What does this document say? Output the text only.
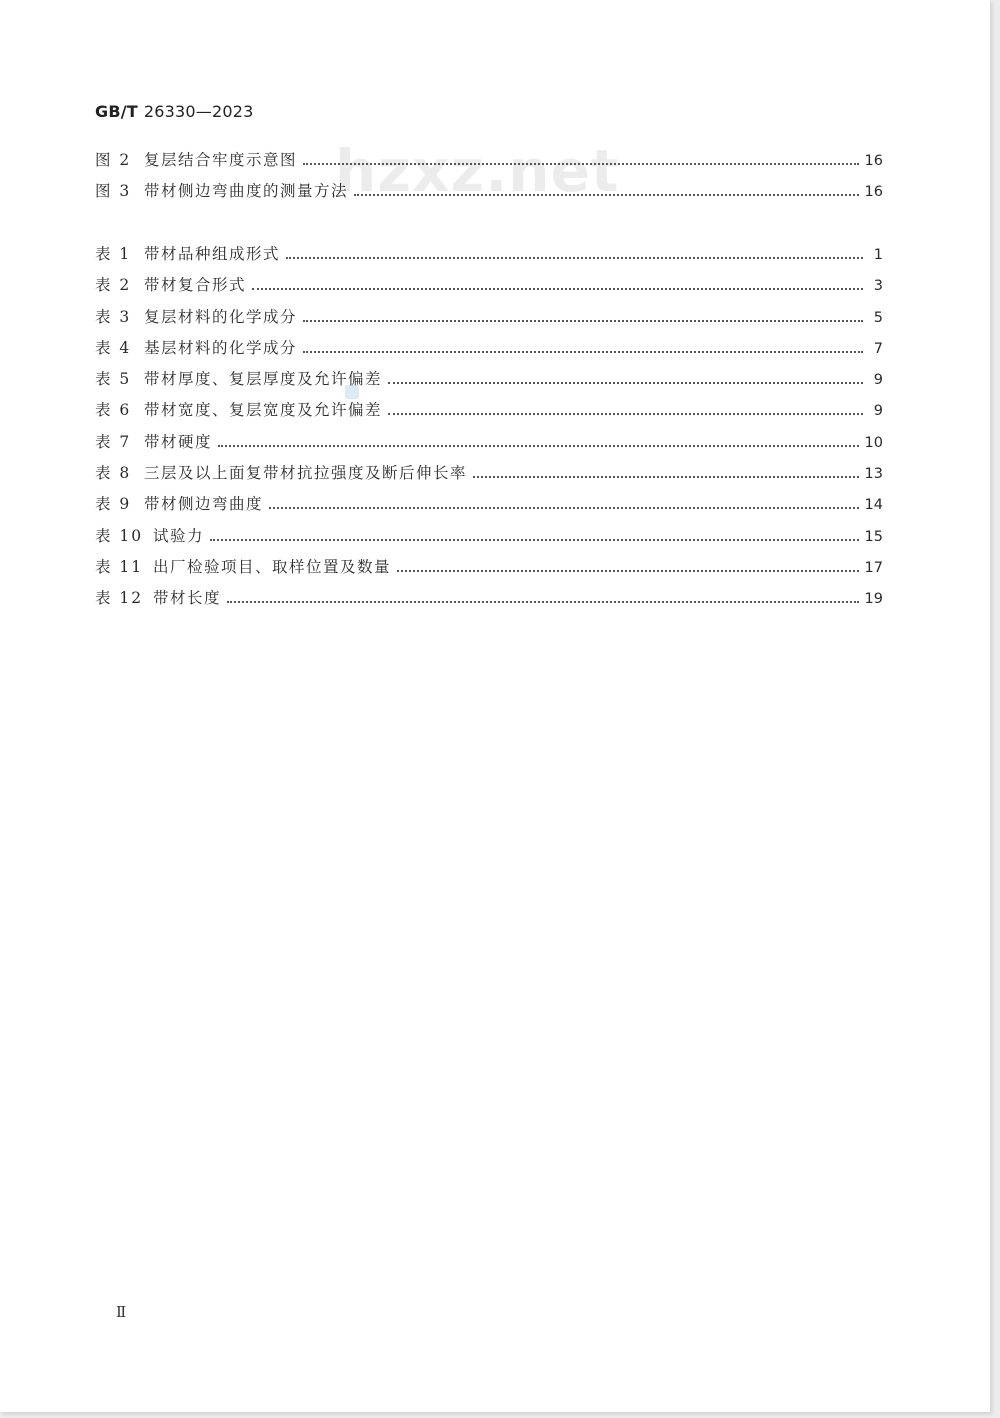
GB/T 26330—2023
hzxz.net
图 2 复层结合牢度示意图	16
图 3 带材侧边弯曲度的测量方法	16
表 1 带材品种组成形式	1
表 2 带材复合形式	3
表 3 复层材料的化学成分	5
表 4 基层材料的化学成分	7
表 5 带材厚度、复层厚度及允许偏差	9
表 6 带材宽度、复层宽度及允许偏差	9
表 7 带材硬度	10
表 8 三层及以上面复带材抗拉强度及断后伸长率	13
表 9 带材侧边弯曲度	14
表 10 试验力	15
表 11 出厂检验项目、取样位置及数量	17
表 12 带材长度	19
Ⅱ
